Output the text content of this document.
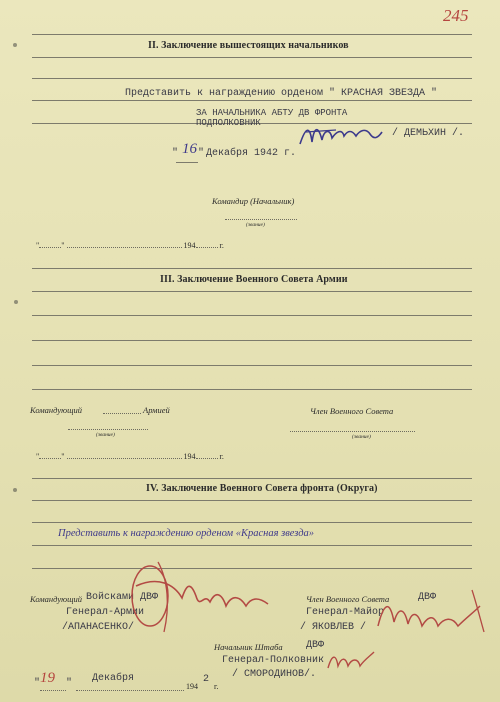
245
II. Заключение вышестоящих начальников
Представить к награждению орденом " КРАСНАЯ ЗВЕЗДА "
ЗА НАЧАЛЬНИКА АБТУ ДВ ФРОНТА
ПОДПОЛКОВНИК
/ ДЕМЬХИН /.
" 16 " Декабря 1942 г.
Командир (Начальник)
(звание)
"	"	194	г.
III. Заключение Военного Совета Армии
Командующий	Армией	Член Военного Совета
(звание)	(звание)
"	"	194	г.
IV. Заключение Военного Совета фронта (Округа)
Представить к награждению орденом «Красная звезда»
Командующий Войсками ДВФ
Генерал-Армии
/АПАНАСЕНКО/
Член Военного Совета	ДВФ
Генерал-Майор
/ ЯКОВЛЕВ /
Начальник Штаба ДВФ
Генерал-Полковник
/ СМОРОДИНОВ/.
" 19 " Декабря
194
2
г.
